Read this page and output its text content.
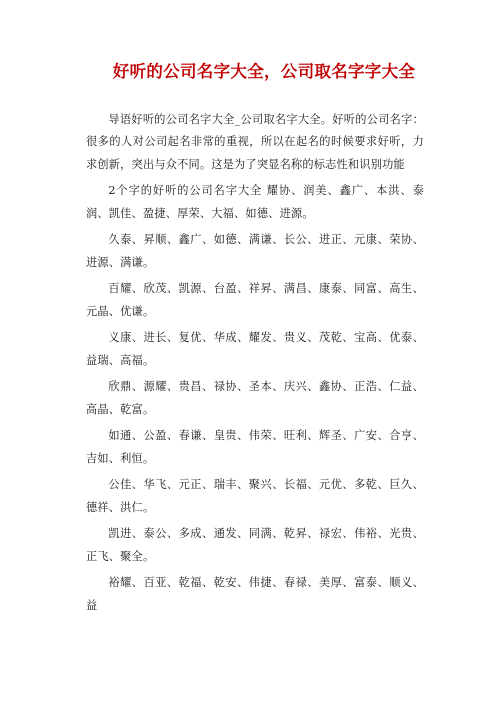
好听的公司名字大全，公司取名字字大全

导语好听的公司名字大全_公司取名字大全。好听的公司名字：很多的人对公司起名非常的重视，所以在起名的时候要求好听，力求创新，突出与众不同。这是为了突显名称的标志性和识别功能

2个字的好听的公司名字大全 耀协、润美、鑫广、本洪、泰润、凯佳、盈捷、厚荣、大福、如德、进源。

久泰、昇顺、鑫广、如德、满谦、长公、进正、元康、荣协、进源、满谦。

百耀、欣茂、凯源、台盈、祥昇、满昌、康泰、同富、高生、元晶、优谦。

义康、进长、复优、华成、耀发、贵义、茂乾、宝高、优泰、益瑞、高福。

欣鼎、源耀、贵昌、禄协、圣本、庆兴、鑫协、正浩、仁益、高晶、乾富。

如通、公盈、春谦、皇贵、伟荣、旺利、辉圣、广安、合亨、吉如、利恒。

公佳、华飞、元正、瑞丰、聚兴、长福、元优、多乾、巨久、德祥、洪仁。

凯进、泰公、多成、通发、同满、乾昇、禄宏、伟裕、光贵、正飞、聚全。

裕耀、百亚、乾福、乾安、伟捷、春禄、美厚、富泰、顺义、益
